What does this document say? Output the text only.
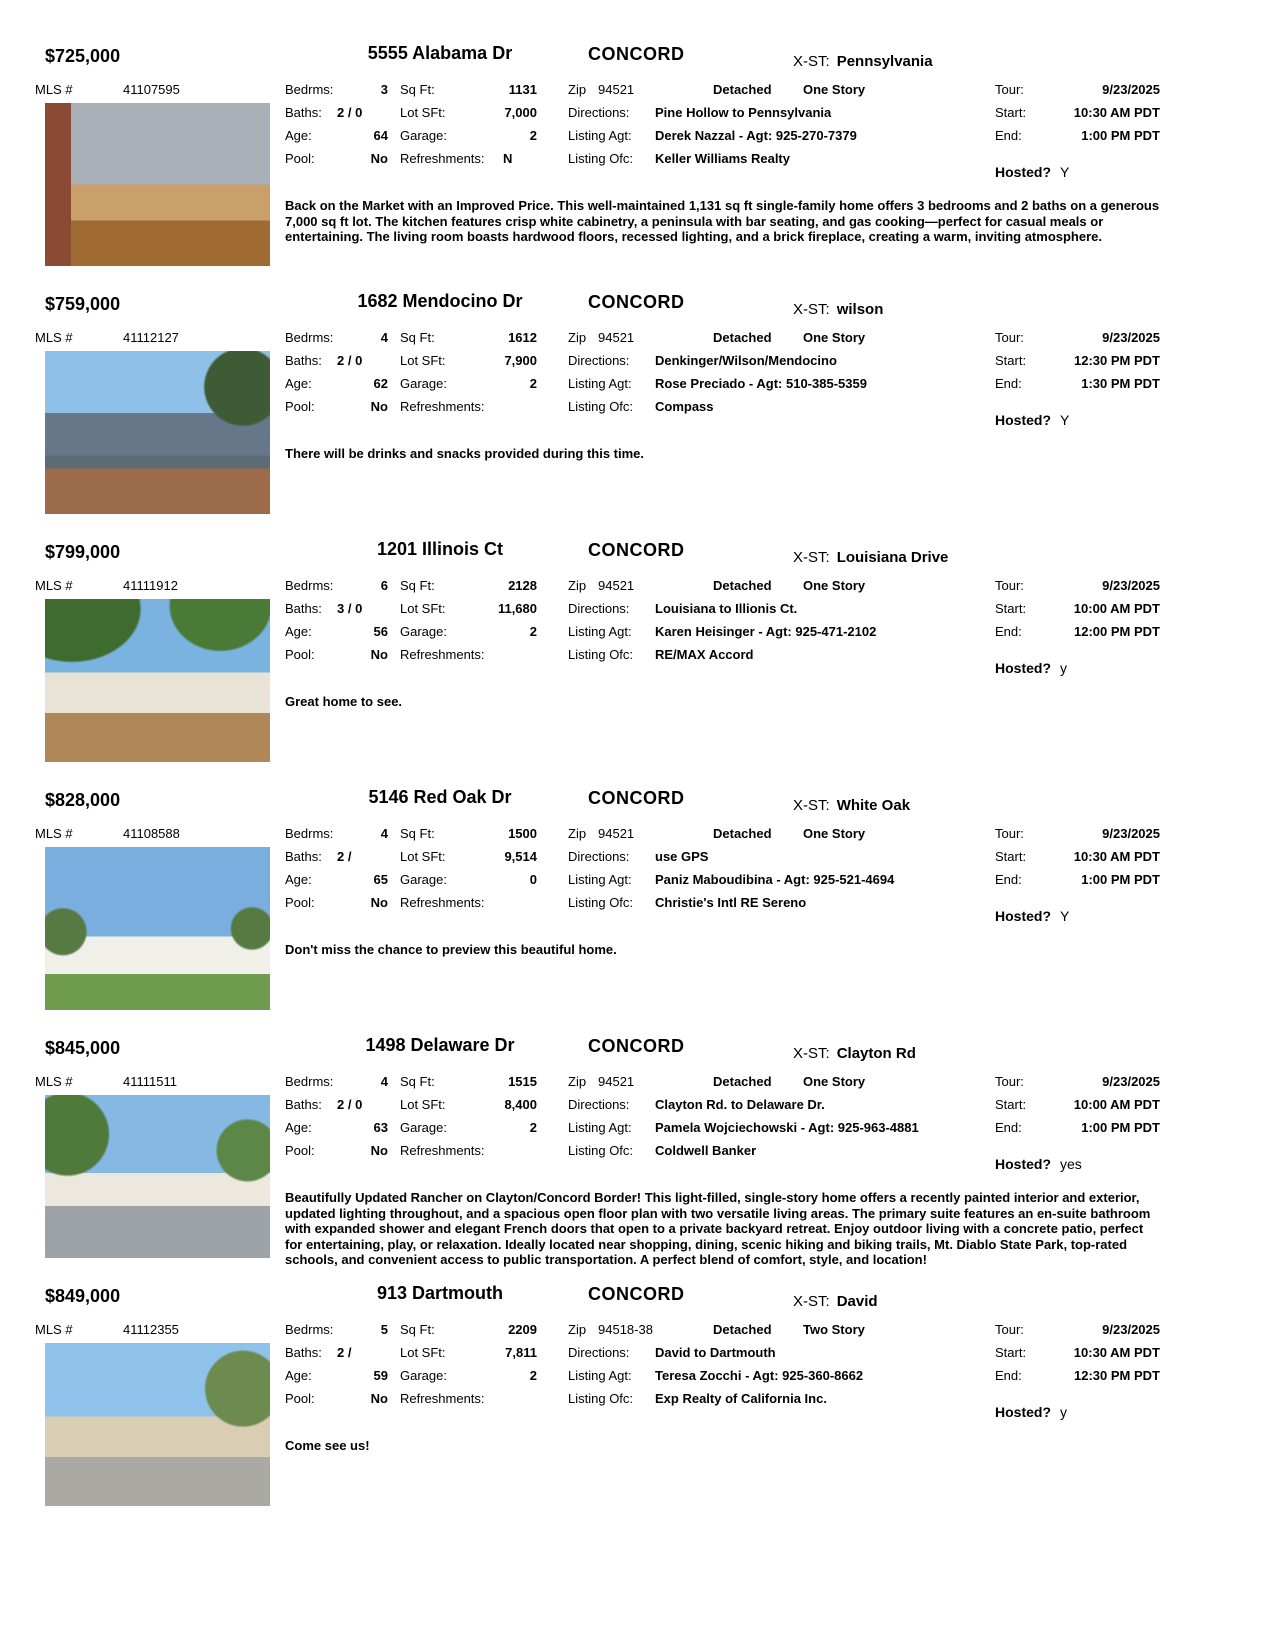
$725,000	5555 Alabama Dr	CONCORD	X-ST: Pennsylvania
MLS #	41107595	Bedrms:	3 Sq Ft:	1131 Zip 94521	Detached One Story	Tour:	9/23/2025
Baths: 2 / 0	Lot SFt:	7,000 Directions: Pine Hollow to Pennsylvania	Start:	10:30 AM PDT
Age:	64 Garage:	2 Listing Agt: Derek Nazzal - Agt: 925-270-7379	End:	1:00 PM PDT
Pool:	No Refreshments: N	Listing Ofc: Keller Williams Realty
Hosted? Y

Back on the Market with an Improved Price. This well-maintained 1,131 sq ft single-family home offers 3 bedrooms and 2 baths on a generous 7,000 sq ft lot. The kitchen features crisp white cabinetry, a peninsula with bar seating, and gas cooking—perfect for casual meals or entertaining. The living room boasts hardwood floors, recessed lighting, and a brick fireplace, creating a warm, inviting atmosphere.

$759,000	1682 Mendocino Dr	CONCORD	X-ST: wilson
MLS #	41112127	Bedrms:	4 Sq Ft:	1612 Zip 94521	Detached One Story	Tour:	9/23/2025
Baths: 2 / 0	Lot SFt:	7,900 Directions: Denkinger/Wilson/Mendocino	Start:	12:30 PM PDT
Age:	62 Garage:	2 Listing Agt: Rose Preciado - Agt: 510-385-5359	End:	1:30 PM PDT
Pool:	No Refreshments:	Listing Ofc: Compass
Hosted? Y

There will be drinks and snacks provided during this time.

$799,000	1201 Illinois Ct	CONCORD	X-ST: Louisiana Drive
MLS #	41111912	Bedrms:	6 Sq Ft:	2128 Zip 94521	Detached One Story	Tour:	9/23/2025
Baths: 3 / 0	Lot SFt:	11,680 Directions: Louisiana to Illionis Ct.	Start:	10:00 AM PDT
Age:	56 Garage:	2 Listing Agt: Karen Heisinger - Agt: 925-471-2102	End:	12:00 PM PDT
Pool:	No Refreshments:	Listing Ofc: RE/MAX Accord
Hosted? y

Great home to see.

$828,000	5146 Red Oak Dr	CONCORD	X-ST: White Oak
MLS #	41108588	Bedrms:	4 Sq Ft:	1500 Zip 94521	Detached One Story	Tour:	9/23/2025
Baths: 2 /	Lot SFt:	9,514 Directions: use GPS	Start:	10:30 AM PDT
Age:	65 Garage:	0 Listing Agt: Paniz Maboudibina - Agt: 925-521-4694	End:	1:00 PM PDT
Pool:	No Refreshments:	Listing Ofc: Christie's Intl RE Sereno
Hosted? Y

Don't miss the chance to preview this beautiful home.

$845,000	1498 Delaware Dr	CONCORD	X-ST: Clayton Rd
MLS #	41111511	Bedrms:	4 Sq Ft:	1515 Zip 94521	Detached One Story	Tour:	9/23/2025
Baths: 2 / 0	Lot SFt:	8,400 Directions: Clayton Rd. to Delaware Dr.	Start:	10:00 AM PDT
Age:	63 Garage:	2 Listing Agt: Pamela Wojciechowski - Agt: 925-963-4881	End:	1:00 PM PDT
Pool:	No Refreshments:	Listing Ofc: Coldwell Banker
Hosted? yes

Beautifully Updated Rancher on Clayton/Concord Border! This light-filled, single-story home offers a recently painted interior and exterior, updated lighting throughout, and a spacious open floor plan with two versatile living areas. The primary suite features an en-suite bathroom with expanded shower and elegant French doors that open to a private backyard retreat. Enjoy outdoor living with a concrete patio, perfect for entertaining, play, or relaxation. Ideally located near shopping, dining, scenic hiking and biking trails, Mt. Diablo State Park, top-rated schools, and convenient access to public transportation. A perfect blend of comfort, style, and location!

$849,000	913 Dartmouth	CONCORD	X-ST: David
MLS #	41112355	Bedrms:	5 Sq Ft:	2209 Zip 94518-38	Detached Two Story	Tour:	9/23/2025
Baths: 2 /	Lot SFt:	7,811 Directions: David to Dartmouth	Start:	10:30 AM PDT
Age:	59 Garage:	2 Listing Agt: Teresa Zocchi - Agt: 925-360-8662	End:	12:30 PM PDT
Pool:	No Refreshments:	Listing Ofc: Exp Realty of California Inc.
Hosted? y

Come see us!
